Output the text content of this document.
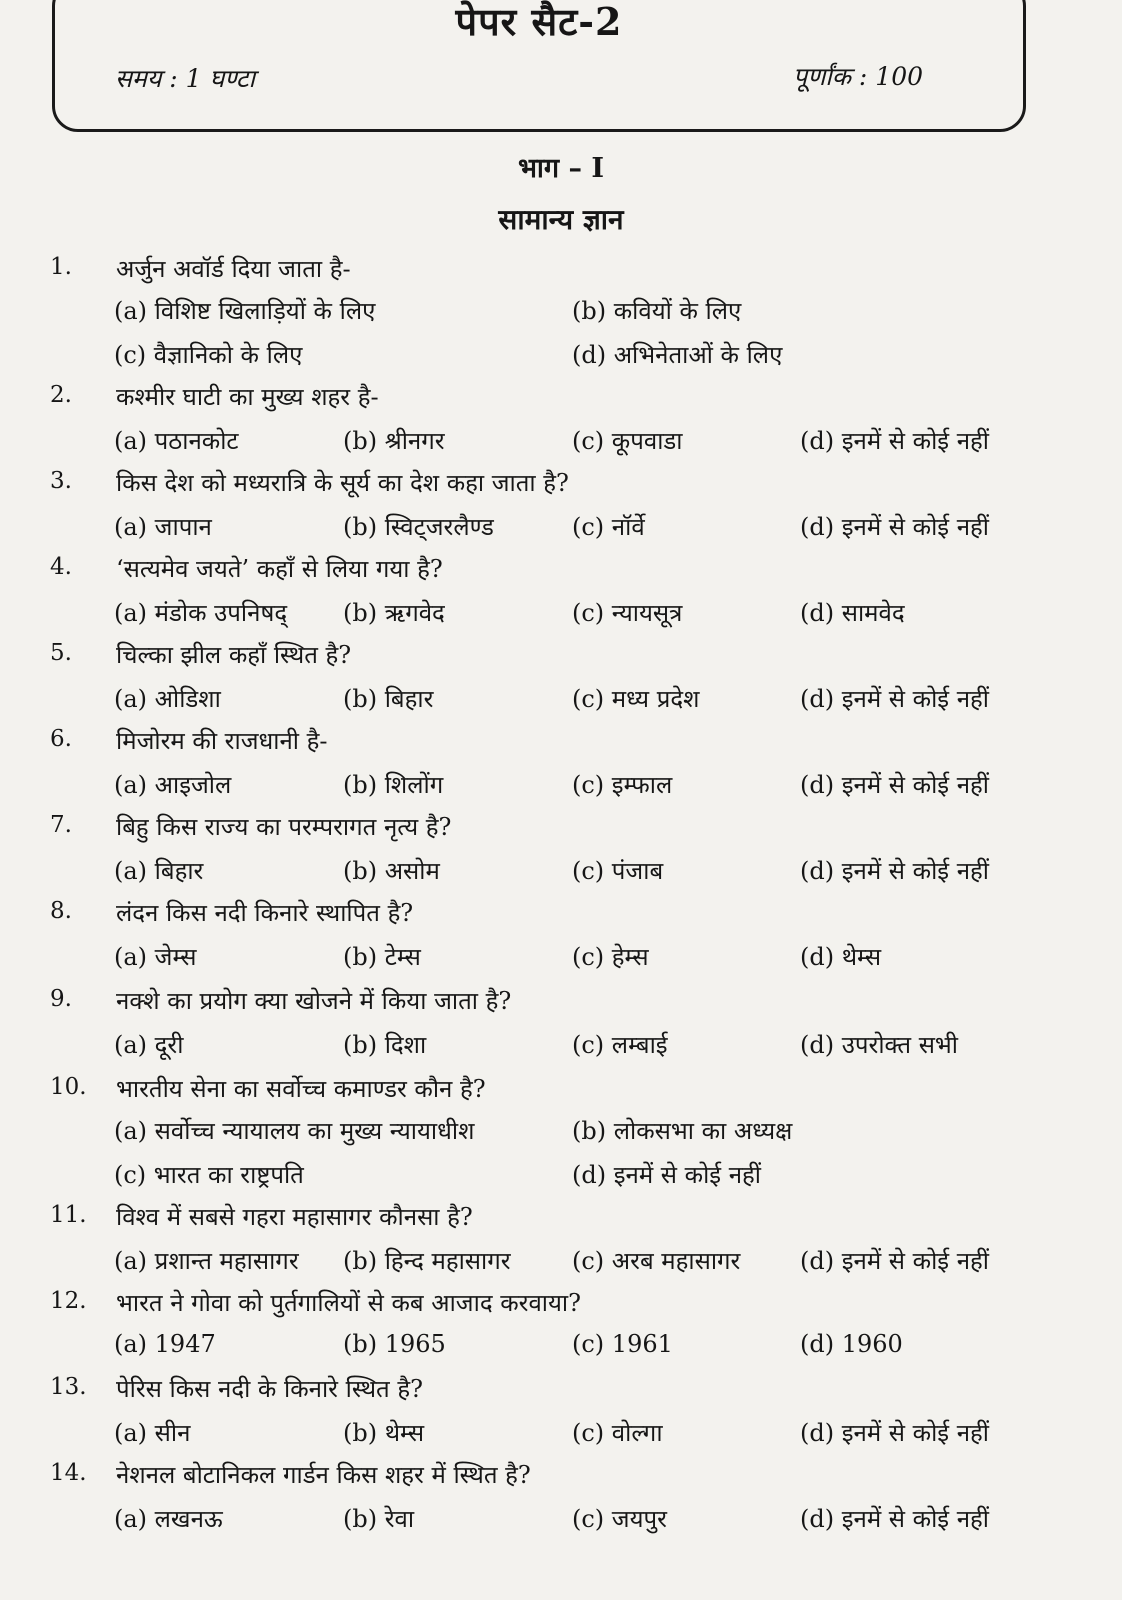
पेपर सैट-2
समय : 1 घण्टा	पूर्णांक : 100
भाग – I
सामान्य ज्ञान
1. अर्जुन अवॉर्ड दिया जाता है-
(a) विशिष्ट खिलाड़ियों के लिए	(b) कवियों के लिए
(c) वैज्ञानिको के लिए	(d) अभिनेताओं के लिए
2. कश्मीर घाटी का मुख्य शहर है-
(a) पठानकोट	(b) श्रीनगर	(c) कूपवाडा	(d) इनमें से कोई नहीं
3. किस देश को मध्यरात्रि के सूर्य का देश कहा जाता है?
(a) जापान	(b) स्विट्जरलैण्ड	(c) नॉर्वे	(d) इनमें से कोई नहीं
4. ‘सत्यमेव जयते’ कहाँ से लिया गया है?
(a) मंडोक उपनिषद् (b) ऋगवेद	(c) न्यायसूत्र	(d) सामवेद
5. चिल्का झील कहाँ स्थित है?
(a) ओडिशा	(b) बिहार	(c) मध्य प्रदेश	(d) इनमें से कोई नहीं
6. मिजोरम की राजधानी है-
(a) आइजोल	(b) शिलोंग	(c) इम्फाल	(d) इनमें से कोई नहीं
7. बिहु किस राज्य का परम्परागत नृत्य है?
(a) बिहार	(b) असोम	(c) पंजाब	(d) इनमें से कोई नहीं
8. लंदन किस नदी किनारे स्थापित है?
(a) जेम्स	(b) टेम्स	(c) हेम्स	(d) थेम्स
9. नक्शे का प्रयोग क्या खोजने में किया जाता है?
(a) दूरी	(b) दिशा	(c) लम्बाई	(d) उपरोक्त सभी
10. भारतीय सेना का सर्वोच्च कमाण्डर कौन है?
(a) सर्वोच्च न्यायालय का मुख्य न्यायाधीश	(b) लोकसभा का अध्यक्ष
(c) भारत का राष्ट्रपति	(d) इनमें से कोई नहीं
11. विश्व में सबसे गहरा महासागर कौनसा है?
(a) प्रशान्त महासागर (b) हिन्द महासागर	(c) अरब महासागर (d) इनमें से कोई नहीं
12. भारत ने गोवा को पुर्तगालियों से कब आजाद करवाया?
(a) 1947	(b) 1965	(c) 1961	(d) 1960
13. पेरिस किस नदी के किनारे स्थित है?
(a) सीन	(b) थेम्स	(c) वोल्गा	(d) इनमें से कोई नहीं
14. नेशनल बोटानिकल गार्डन किस शहर में स्थित है?
(a) लखनऊ	(b) रेवा	(c) जयपुर	(d) इनमें से कोई नहीं
